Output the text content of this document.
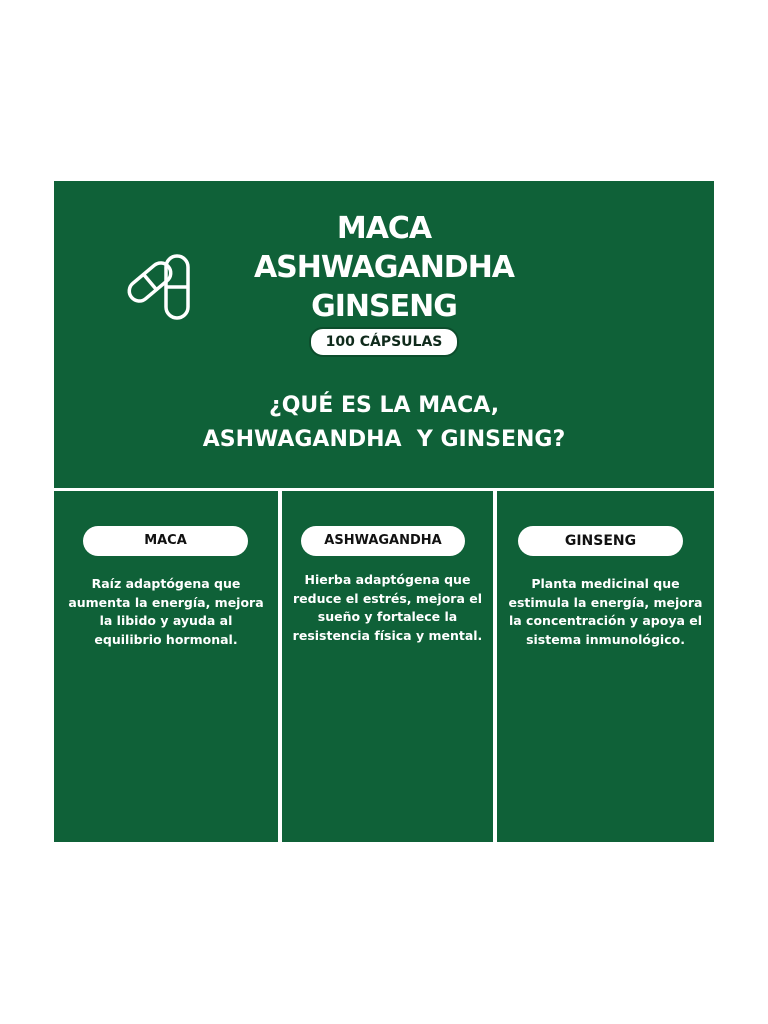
MACA
ASHWAGANDHA
GINSENG
100 CÁPSULAS
¿QUÉ ES LA MACA,
ASHWAGANDHA  Y GINSENG?
MACA
Raíz adaptógena que
aumenta la energía, mejora
la libido y ayuda al
equilibrio hormonal.
ASHWAGANDHA
Hierba adaptógena que
reduce el estrés, mejora el
sueño y fortalece la
resistencia física y mental.
GINSENG
Planta medicinal que
estimula la energía, mejora
la concentración y apoya el
sistema inmunológico.
